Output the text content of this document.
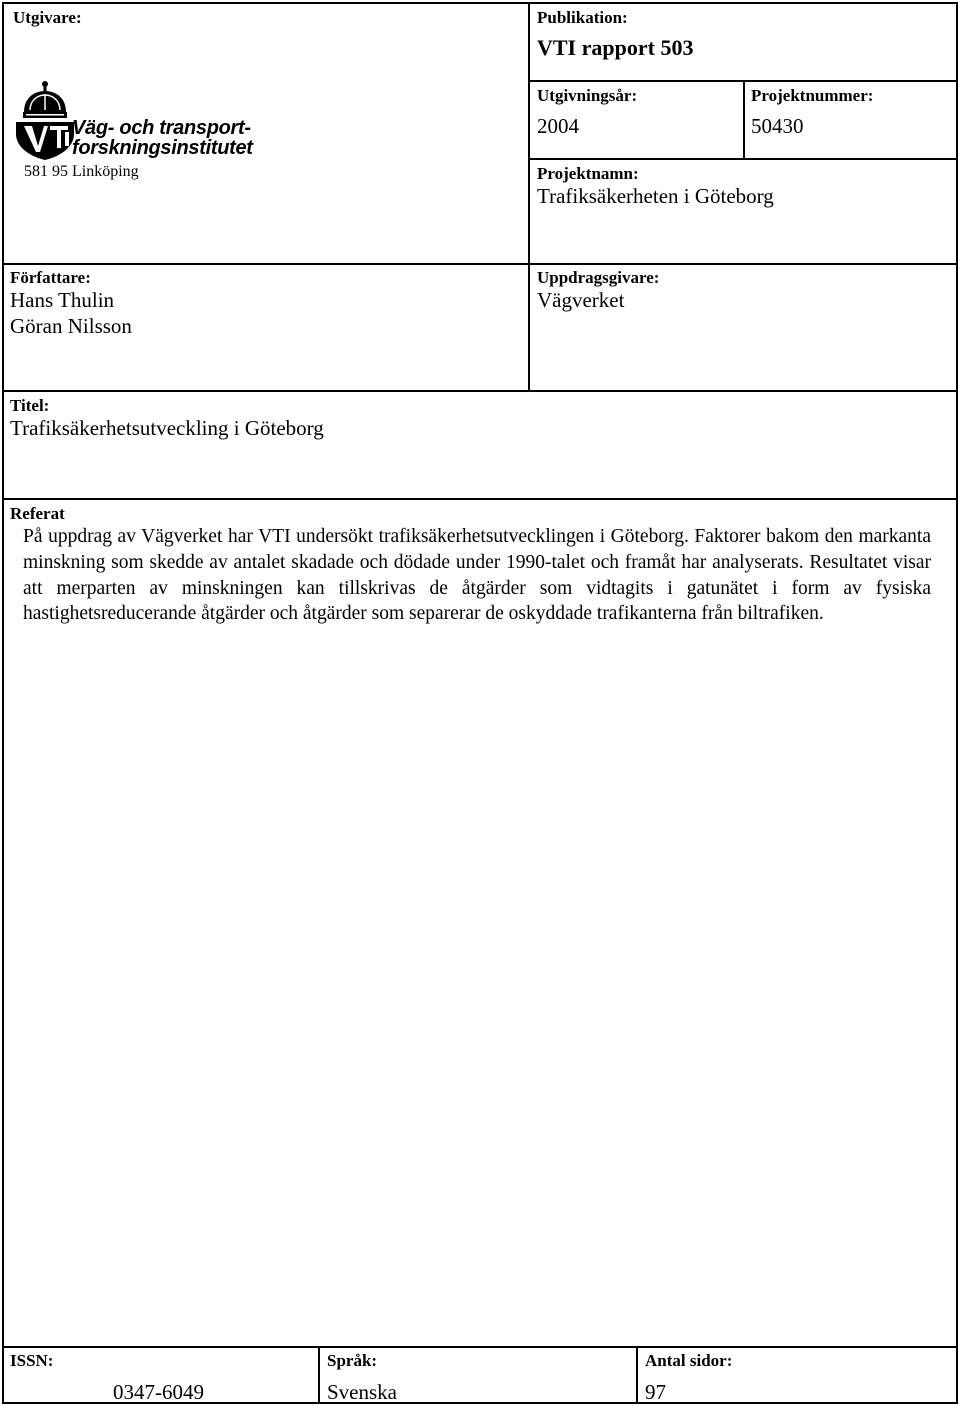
Utgivare:
Väg- och transport-
forskningsinstitutet
581 95 Linköping
Publikation:
VTI rapport 503
Utgivningsår:
2004
Projektnummer:
50430
Projektnamn:
Trafiksäkerheten i Göteborg
Författare:
Hans Thulin
Göran Nilsson
Uppdragsgivare:
Vägverket
Titel:
Trafiksäkerhetsutveckling i Göteborg
Referat
På uppdrag av Vägverket har VTI undersökt trafiksäkerhetsutvecklingen i Göteborg. Faktorer bakom den markanta minskning som skedde av antalet skadade och dödade under 1990-talet och framåt har analyserats. Resultatet visar att merparten av minskningen kan tillskrivas de åtgärder som vidtagits i gatunätet i form av fysiska hastighetsreducerande åtgärder och åtgärder som separerar de oskyddade trafikanterna från biltrafiken.
ISSN:
0347-6049
Språk:
Svenska
Antal sidor:
97
